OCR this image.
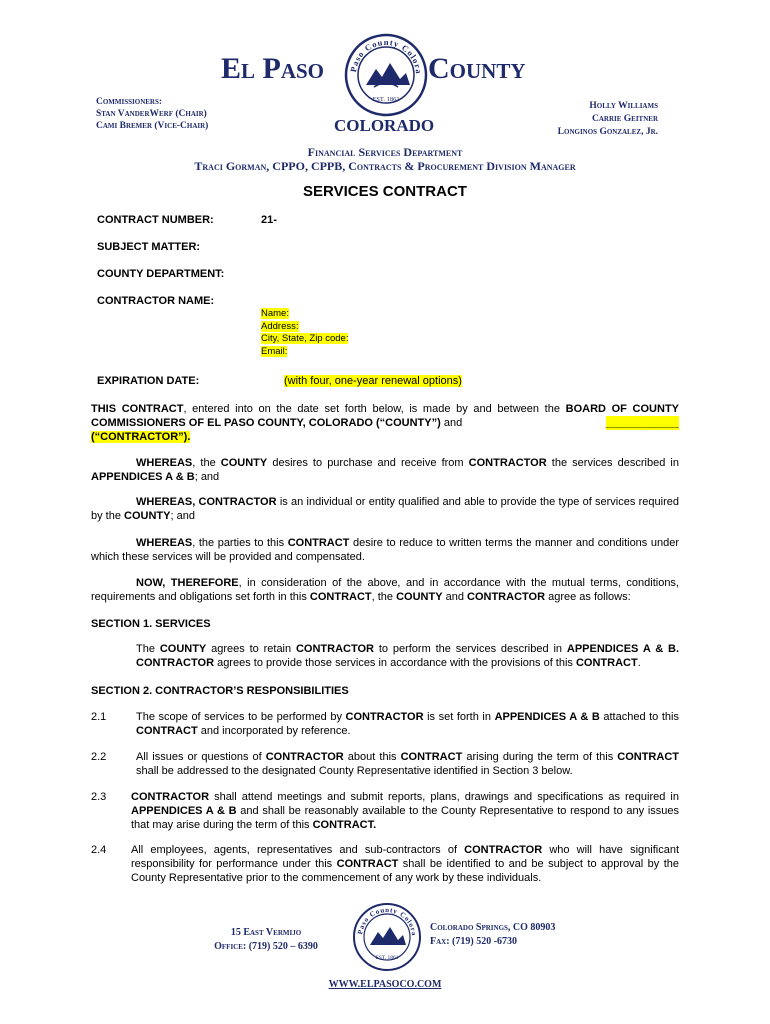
El Paso	County
Paso County Colora
EST. 1861
COLORADO
Commissioners:
Stan VanderWerf (Chair)
Cami Bremer (Vice-Chair)
Holly Williams
Carrie Geitner
Longinos Gonzalez, Jr.
Financial Services Department
Traci Gorman, CPPO, CPPB, Contracts & Procurement Division Manager
SERVICES CONTRACT
CONTRACT NUMBER:	21-
SUBJECT MATTER:
COUNTY DEPARTMENT:
CONTRACTOR NAME:
Name:
Address:
City, State, Zip code:
Email:
EXPIRATION DATE:	(with four, one-year renewal options)

THIS CONTRACT, entered into on the date set forth below, is made by and between the BOARD OF COUNTY COMMISSIONERS OF EL PASO COUNTY, COLORADO (“COUNTY”) and	____________

(“CONTRACTOR”).

WHEREAS, the COUNTY desires to purchase and receive from CONTRACTOR the services described in APPENDICES A & B; and

WHEREAS, CONTRACTOR is an individual or entity qualified and able to provide the type of services required by the COUNTY; and

WHEREAS, the parties to this CONTRACT desire to reduce to written terms the manner and conditions under which these services will be provided and compensated.

NOW, THEREFORE, in consideration of the above, and in accordance with the mutual terms, conditions, requirements and obligations set forth in this CONTRACT, the COUNTY and CONTRACTOR agree as follows:

SECTION 1. SERVICES

The COUNTY agrees to retain CONTRACTOR to perform the services described in APPENDICES A & B. CONTRACTOR agrees to provide those services in accordance with the provisions of this CONTRACT.

SECTION 2. CONTRACTOR’S RESPONSIBILITIES
2.1	The scope of services to be performed by CONTRACTOR is set forth in APPENDICES A & B attached to this CONTRACT and incorporated by reference.

2.2	All issues or questions of CONTRACTOR about this CONTRACT arising during the term of this CONTRACT shall be addressed to the designated County Representative identified in Section 3 below.

2.3 CONTRACTOR shall attend meetings and submit reports, plans, drawings and specifications as required in APPENDICES A & B and shall be reasonably available to the County Representative to respond to any issues that may arise during the term of this CONTRACT.

2.4 All employees, agents, representatives and sub-contractors of CONTRACTOR who will have significant responsibility for performance under this CONTRACT shall be identified to and be subject to approval by the County Representative prior to the commencement of any work by these individuals.

15 East Vermijo
Office: (719) 520 – 6390
Paso County Colora
EST. 1861
Colorado Springs, CO 80903
Fax: (719) 520 -6730
WWW.ELPASOCO.COM
